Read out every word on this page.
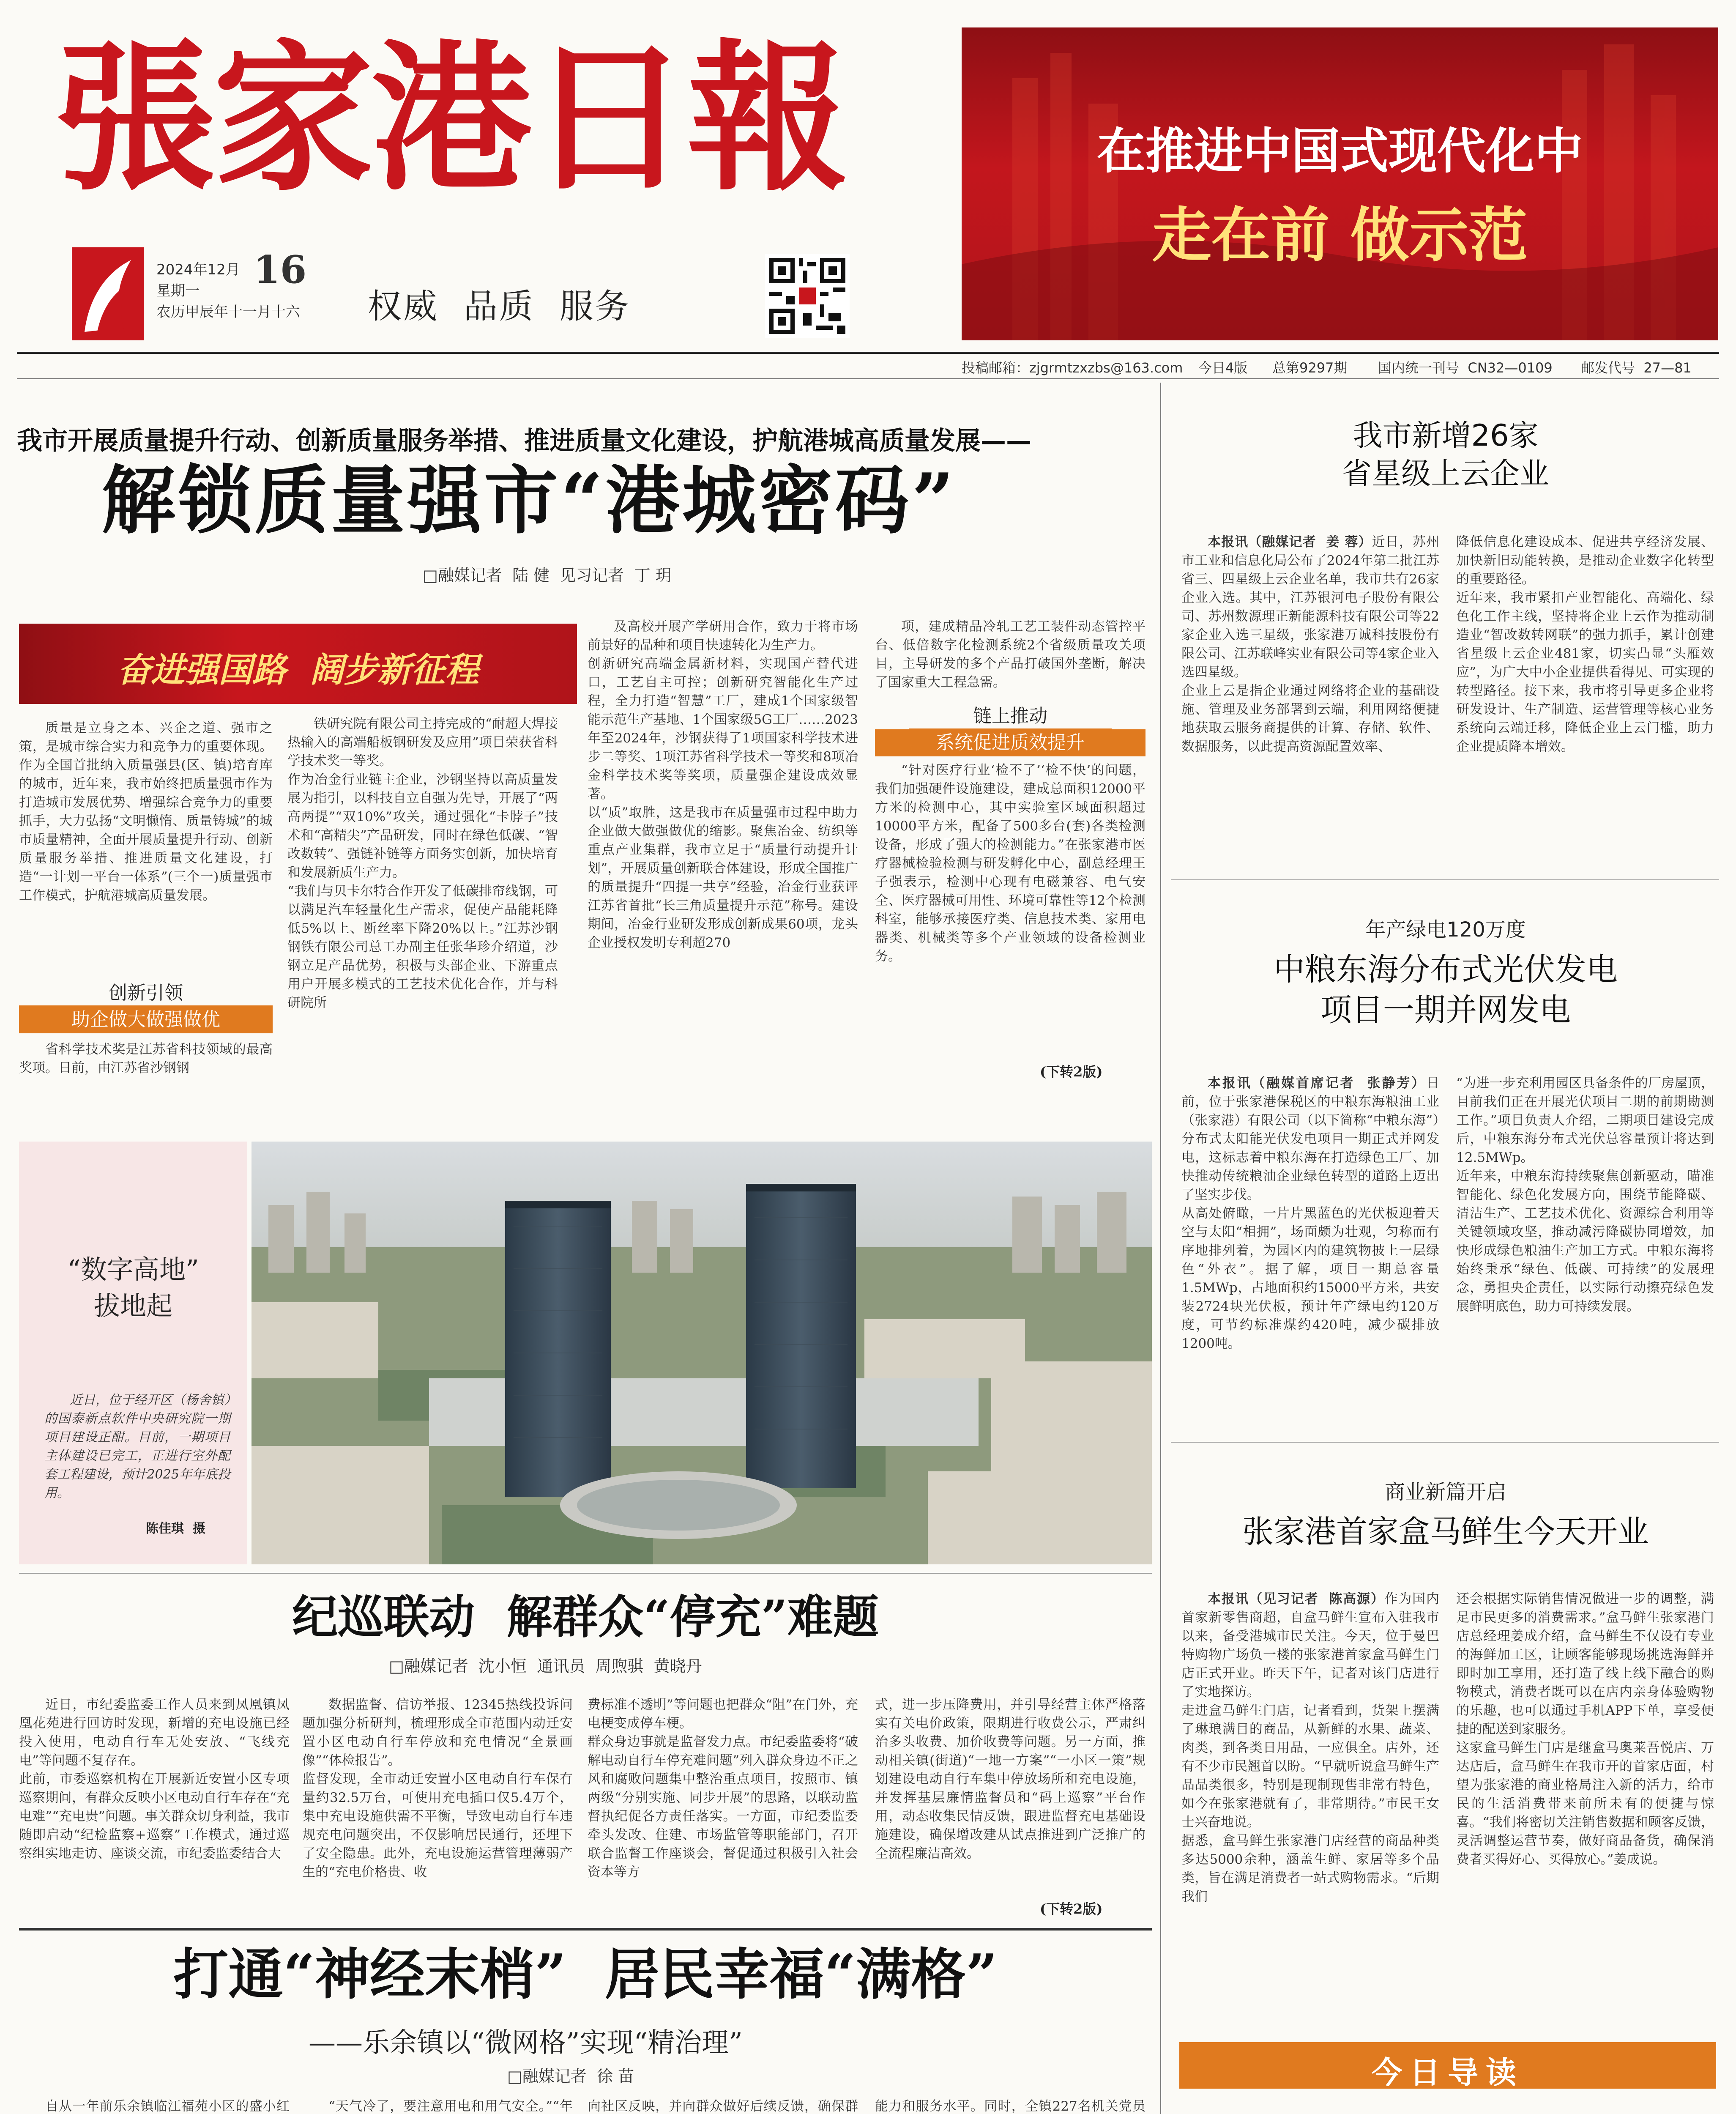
張家港日報
2024年12月
星期一
农历甲辰年十一月十六
16
权威  品质  服务
在推进中国式现代化中
走在前 做示范
投稿邮箱：zjgrmtzxzbs@163.com 今日4版 总第9297期 国内统一刊号  CN32—0109 邮发代号  27—81
我市开展质量提升行动、创新质量服务举措、推进质量文化建设，护航港城高质量发展——
解锁质量强市“港城密码”
□融媒记者  陆 健  见习记者  丁 玥
奋进强国路  阔步新征程
质量是立身之本、兴企之道、强市之策，是城市综合实力和竞争力的重要体现。作为全国首批纳入质量强县(区、镇)培育库的城市，近年来，我市始终把质量强市作为打造城市发展优势、增强综合竞争力的重要抓手，大力弘扬“文明懒惰、质量铸城”的城市质量精神，全面开展质量提升行动、创新质量服务举措、推进质量文化建设，打造“一计划一平台一体系”(三个一)质量强市工作模式，护航港城高质量发展。
创新引领
助企做大做强做优
省科学技术奖是江苏省科技领域的最高奖项。日前，由江苏省沙钢钢
铁研究院有限公司主持完成的“耐超大焊接热输入的高端船板钢研发及应用”项目荣获省科学技术奖一等奖。
作为冶金行业链主企业，沙钢坚持以高质量发展为指引，以科技自立自强为先导，开展了“两高两提”“双10%”攻关，通过强化“卡脖子”技术和“高精尖”产品研发，同时在绿色低碳、“智改数转”、强链补链等方面务实创新，加快培育和发展新质生产力。
“我们与贝卡尔特合作开发了低碳排帘线钢，可以满足汽车轻量化生产需求，促使产品能耗降低5%以上、断丝率下降20%以上。”江苏沙钢钢铁有限公司总工办副主任张华珍介绍道，沙钢立足产品优势，积极与头部企业、下游重点用户开展多模式的工艺技术优化合作，并与科研院所
及高校开展产学研用合作，致力于将市场前景好的品种和项目快速转化为生产力。
创新研究高端金属新材料，实现国产替代进口，工艺自主可控；创新研究智能化生产过程，全力打造“智慧”工厂，建成1个国家级智能示范生产基地、1个国家级5G工厂……2023年至2024年，沙钢获得了1项国家科学技术进步二等奖、1项江苏省科学技术一等奖和8项冶金科学技术奖等奖项，质量强企建设成效显著。
以“质”取胜，这是我市在质量强市过程中助力企业做大做强做优的缩影。聚焦冶金、纺织等重点产业集群，我市立足于“质量行动提升计划”，开展质量创新联合体建设，形成全国推广的质量提升“四提一共享”经验，冶金行业获评江苏省首批“长三角质量提升示范”称号。建设期间，冶金行业研发形成创新成果60项，龙头企业授权发明专利超270
项，建成精品冷轧工艺工装件动态管控平台、低倍数字化检测系统2个省级质量攻关项目，主导研发的多个产品打破国外垄断，解决了国家重大工程急需。
链上推动
系统促进质效提升
“针对医疗行业‘检不了’‘检不快’的问题，我们加强硬件设施建设，建成总面积12000平方米的检测中心，其中实验室区域面积超过10000平方米，配备了500多台(套)各类检测设备，形成了强大的检测能力。”在张家港市医疗器械检验检测与研发孵化中心，副总经理王子强表示，检测中心现有电磁兼容、电气安全、医疗器械可用性、环境可靠性等12个检测科室，能够承接医疗类、信息技术类、家用电器类、机械类等多个产业领域的设备检测业务。
(下转2版)
“数字高地”
拔地起
近日，位于经开区（杨舍镇）的国泰新点软件中央研究院一期项目建设正酣。目前，一期项目主体建设已完工，正进行室外配套工程建设，预计2025年年底投用。
陈佳琪  摄
纪巡联动  解群众“停充”难题
□融媒记者  沈小恒  通讯员  周煦骐  黄晓丹
近日，市纪委监委工作人员来到凤凰镇凤凰花苑进行回访时发现，新增的充电设施已经投入使用，电动自行车无处安放、“飞线充电”等问题不复存在。
此前，市委巡察机构在开展新近安置小区专项巡察期间，有群众反映小区电动自行车存在“充电难”“充电贵”问题。事关群众切身利益，我市随即启动“纪检监察+巡察”工作模式，通过巡察组实地走访、座谈交流，市纪委监委结合大
数据监督、信访举报、12345热线投诉问题加强分析研判，梳理形成全市范围内动迁安置小区电动自行车停放和充电情况“全景画像”“体检报告”。
监督发现，全市动迁安置小区电动自行车保有量约32.5万台，可使用充电插口仅5.4万个，集中充电设施供需不平衡，导致电动自行车违规充电问题突出，不仅影响居民通行，还埋下了安全隐患。此外，充电设施运营管理薄弱产生的“充电价格贵、收
费标准不透明”等问题也把群众“阻”在门外，充电梗变成停车梗。
群众身边事就是监督发力点。市纪委监委将“破解电动自行车停充难问题”列入群众身边不正之风和腐败问题集中整治重点项目，按照市、镇两级“分别实施、同步开展”的思路，以联动监督执纪促各方责任落实。一方面，市纪委监委牵头发改、住建、市场监管等职能部门，召开联合监督工作座谈会，督促通过积极引入社会资本等方
式，进一步压降费用，并引导经营主体严格落实有关电价政策，限期进行收费公示，严肃纠治多头收费、加价收费等问题。另一方面，推动相关镇(街道)“一地一方案”“一小区一策”规划建设电动自行车集中停放场所和充电设施，并发挥基层廉情监督员和“码上巡察”平台作用，动态收集民情反馈，跟进监督充电基础设施建设，确保增改建从试点推进到广泛推广的全流程廉洁高效。
(下转2版)
打通“神经末梢”  居民幸福“满格”
——乐余镇以“微网格”实现“精治理”
□融媒记者  徐 苗
自从一年前乐余镇临江福苑小区的盛小红	“天气冷了，要注意用电和用气安全。”“年 向社区反映，并向群众做好后续反馈，确保群 能力和服务水平。同时，全镇227名机关党员

我市新增26家
省星级上云企业
本报讯（融媒记者  姜 蓉）近日，苏州市工业和信息化局公布了2024年第二批江苏省三、四星级上云企业名单，我市共有26家企业入选。其中，江苏银河电子股份有限公司、苏州数源理正新能源科技有限公司等22家企业入选三星级，张家港万诚科技股份有限公司、江苏联峰实业有限公司等4家企业入选四星级。
企业上云是指企业通过网络将企业的基础设施、管理及业务部署到云端，利用网络便捷地获取云服务商提供的计算、存储、软件、数据服务，以此提高资源配置效率、
降低信息化建设成本、促进共享经济发展、加快新旧动能转换，是推动企业数字化转型的重要路径。
近年来，我市紧扣产业智能化、高端化、绿色化工作主线，坚持将企业上云作为推动制造业“智改数转网联”的强力抓手，累计创建省星级上云企业481家，切实凸显“头雁效应”，为广大中小企业提供看得见、可实现的转型路径。接下来，我市将引导更多企业将研发设计、生产制造、运营管理等核心业务系统向云端迁移，降低企业上云门槛，助力企业提质降本增效。
年产绿电120万度
中粮东海分布式光伏发电
项目一期并网发电
本报讯（融媒首席记者  张静芳）日前，位于张家港保税区的中粮东海粮油工业（张家港）有限公司（以下简称“中粮东海”）分布式太阳能光伏发电项目一期正式并网发电，这标志着中粮东海在打造绿色工厂、加快推动传统粮油企业绿色转型的道路上迈出了坚实步伐。
从高处俯瞰，一片片黑蓝色的光伏板迎着天空与太阳“相拥”，场面颇为壮观，匀称而有序地排列着，为园区内的建筑物披上一层绿色“外衣”。据了解，项目一期总容量1.5MWp，占地面积约15000平方米，共安装2724块光伏板，预计年产绿电约120万度，可节约标准煤约420吨，减少碳排放1200吨。
“为进一步充利用园区具备条件的厂房屋顶，目前我们正在开展光伏项目二期的前期勘测工作。”项目负责人介绍，二期项目建设完成后，中粮东海分布式光伏总容量预计将达到12.5MWp。
近年来，中粮东海持续聚焦创新驱动，瞄准智能化、绿色化发展方向，围绕节能降碳、清洁生产、工艺技术优化、资源综合利用等关键领域攻坚，推动减污降碳协同增效，加快形成绿色粮油生产加工方式。中粮东海将始终秉承“绿色、低碳、可持续”的发展理念，勇担央企责任，以实际行动擦亮绿色发展鲜明底色，助力可持续发展。
商业新篇开启
张家港首家盒马鲜生今天开业
本报讯（见习记者  陈高源）作为国内首家新零售商超，自盒马鲜生宣布入驻我市以来，备受港城市民关注。今天，位于曼巴特购物广场负一楼的张家港首家盒马鲜生门店正式开业。昨天下午，记者对该门店进行了实地探访。
走进盒马鲜生门店，记者看到，货架上摆满了琳琅满目的商品，从新鲜的水果、蔬菜、肉类，到各类日用品，一应俱全。店外，还有不少市民翘首以盼。“早就听说盒马鲜生产品品类很多，特别是现制现售非常有特色，如今在张家港就有了，非常期待。”市民王女士兴奋地说。
据悉，盒马鲜生张家港门店经营的商品种类多达5000余种，涵盖生鲜、家居等多个品类，旨在满足消费者一站式购物需求。“后期我们
还会根据实际销售情况做进一步的调整，满足市民更多的消费需求。”盒马鲜生张家港门店总经理姜成介绍，盒马鲜生不仅设有专业的海鲜加工区，让顾客能够现场挑选海鲜并即时加工享用，还打造了线上线下融合的购物模式，消费者既可以在店内亲身体验购物的乐趣，也可以通过手机APP下单，享受便捷的配送到家服务。
这家盒马鲜生门店是继盒马奥莱吾悦店、万达店后，盒马鲜生在我市开的首家店面，村望为张家港的商业格局注入新的活力，给市民的生活消费带来前所未有的便捷与惊喜。“我们将密切关注销售数据和顾客反馈，灵活调整运营节奏，做好商品备货，确保消费者买得好心、买得放心。”姜成说。
今日导读
